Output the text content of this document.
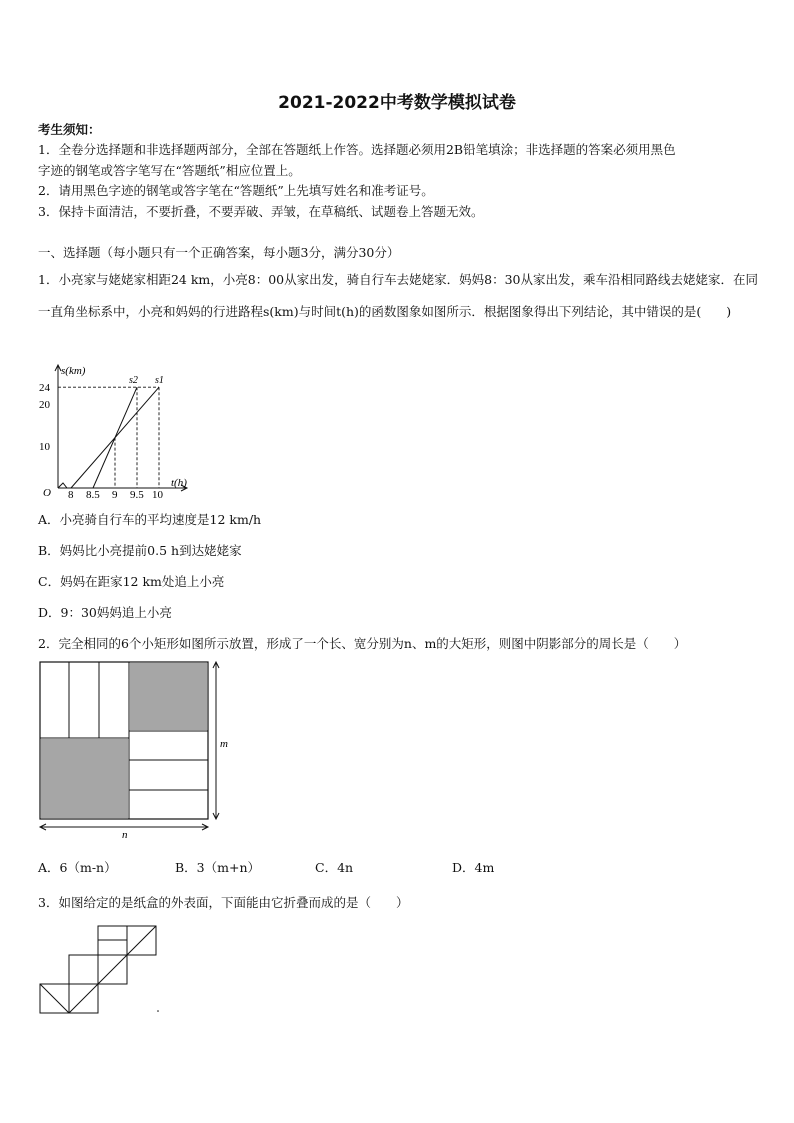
2021-2022中考数学模拟试卷
考生须知：
1．全卷分选择题和非选择题两部分，全部在答题纸上作答。选择题必须用2B铅笔填涂；非选择题的答案必须用黑色
字迹的钢笔或答字笔写在“答题纸”相应位置上。
2．请用黑色字迹的钢笔或答字笔在“答题纸”上先填写姓名和准考证号。
3．保持卡面清洁，不要折叠，不要弄破、弄皱，在草稿纸、试题卷上答题无效。
一、选择题（每小题只有一个正确答案，每小题3分，满分30分）
1．小亮家与姥姥家相距24 km，小亮8：00从家出发，骑自行车去姥姥家．妈妈8：30从家出发，乘车沿相同路线去姥姥家．在同一直角坐标系中，小亮和妈妈的行进路程s(km)与时间t(h)的函数图象如图所示．根据图象得出下列结论，其中错误的是(　　)
s(km)
t(h)
O 8 8.5 9 9.5 10
24
20
10
s1
s2
A．小亮骑自行车的平均速度是12 km/h
B．妈妈比小亮提前0.5 h到达姥姥家
C．妈妈在距家12 km处追上小亮
D．9：30妈妈追上小亮
2．完全相同的6个小矩形如图所示放置，形成了一个长、宽分别为n、m的大矩形，则图中阴影部分的周长是（　　）
m
n
A．6（m-n）	B．3（m+n）	C．4n	D．4m
3．如图给定的是纸盒的外表面，下面能由它折叠而成的是（　　）
